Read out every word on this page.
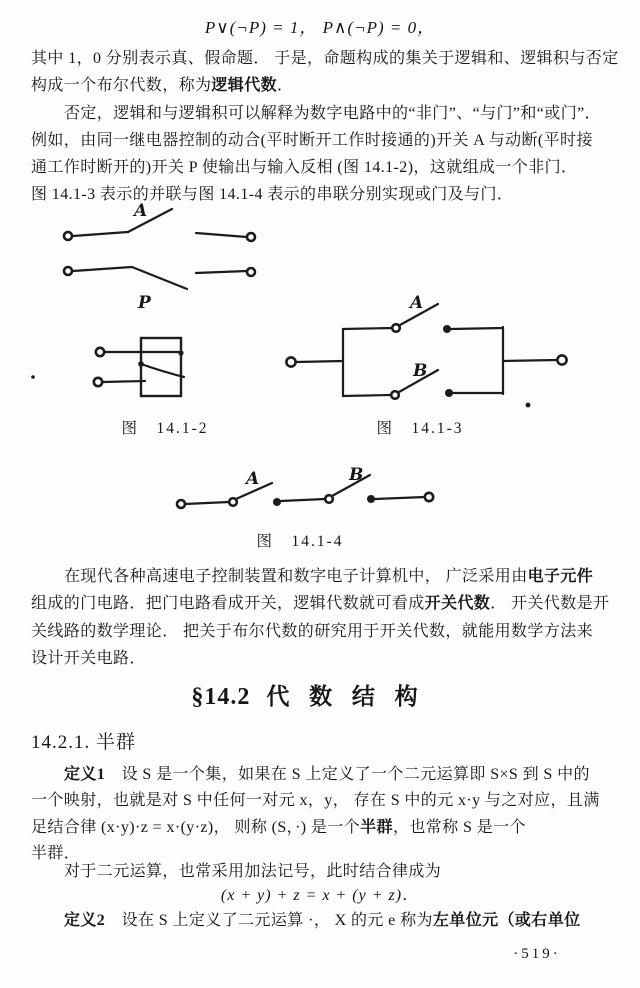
P∨(¬P) = 1， P∧(¬P) = 0，
其中 1，0 分别表示真、假命题． 于是，命题构成的集关于逻辑和、逻辑积与否定
构成一个布尔代数，称为逻辑代数．
否定，逻辑和与逻辑积可以解释为数字电路中的“非门”、“与门”和“或门”．
例如，由同一继电器控制的动合(平时断开工作时接通的)开关 A 与动断(平时接
通工作时断开的)开关 P 使输出与输入反相 (图 14.1-2)，这就组成一个非门．
图 14.1-3 表示的并联与图 14.1-4 表示的串联分别实现或门及与门．
A
P
图　14.1-2
A
B
图　14.1-3
A	B
图　14.1-4
在现代各种高速电子控制装置和数字电子计算机中， 广泛采用由电子元件
组成的门电路．把门电路看成开关，逻辑代数就可看成开关代数． 开关代数是开
关线路的数学理论． 把关于布尔代数的研究用于开关代数，就能用数学方法来
设计开关电路．
§14.2 代 数 结 构
14.2.1. 半群
定义1　设 S 是一个集，如果在 S 上定义了一个二元运算即 S×S 到 S 中的
一个映射，也就是对 S 中任何一对元 x，y， 存在 S 中的元 x·y 与之对应，且满
足结合律 (x·y)·z = x·(y·z)， 则称 (S，·) 是一个半群，也常称 S 是一个
半群．
对于二元运算，也常采用加法记号，此时结合律成为
(x + y) + z = x + (y + z)．
定义2　设在 S 上定义了二元运算 ·， X 的元 e 称为左单位元（或右单位
·519·
